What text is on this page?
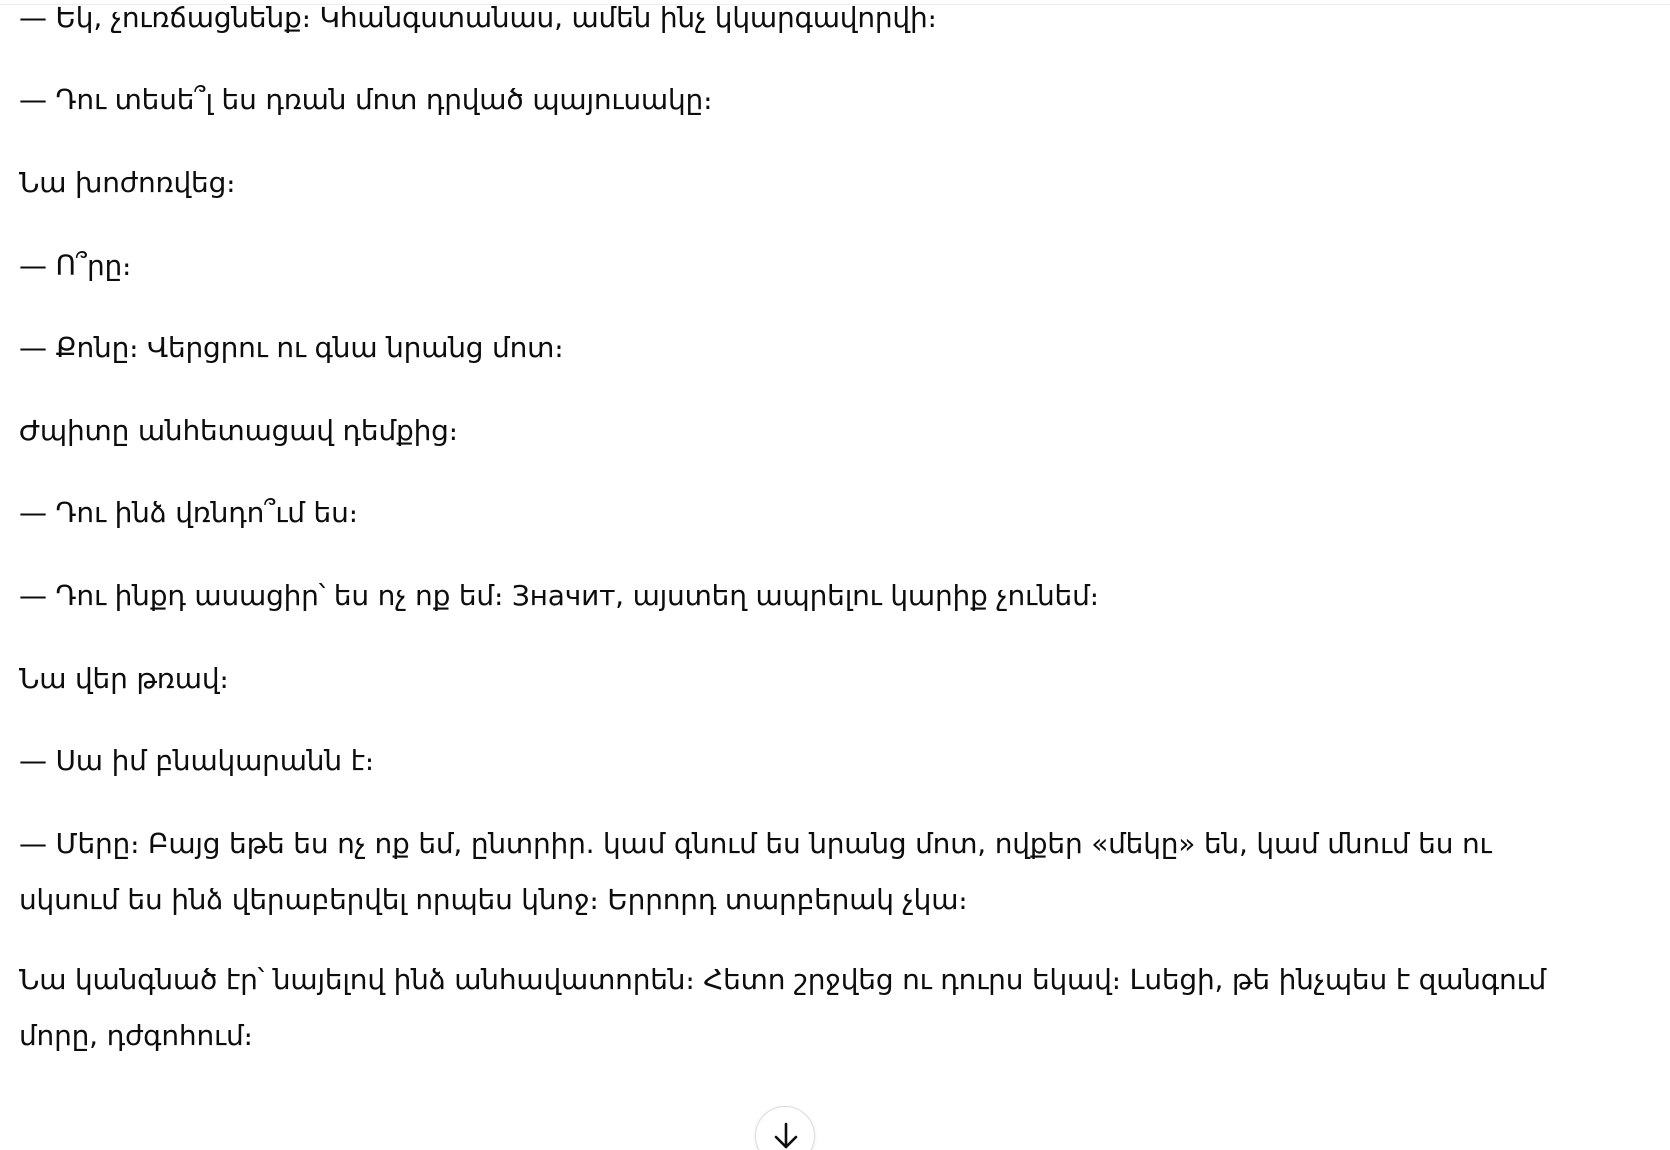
— Եկ, չուռճացնենք։ Կհանգստանաս, ամեն ինչ կկարգավորվի։

— Դու տեսե՞լ ես դռան մոտ դրված պայուսակը։

Նա խոժոռվեց։

— Ո՞րը։

— Քոնը։ Վերցրու ու գնա նրանց մոտ։

Ժպիտը անհետացավ դեմքից։

— Դու ինձ վռնդո՞ւմ ես։

— Դու ինքդ ասացիր՝ ես ոչ ոք եմ։ Значит, այստեղ ապրելու կարիք չունեմ։

Նա վեր թռավ։

— Սա իմ բնակարանն է։

— Մերը։ Բայց եթե ես ոչ ոք եմ, ընտրիր. կամ գնում ես նրանց մոտ, ովքեր «մեկը» են, կամ մնում ես ու սկսում ես ինձ վերաբերվել որպես կնոջ։ Երրորդ տարբերակ չկա։

Նա կանգնած էր՝ նայելով ինձ անհավատորեն։ Հետո շրջվեց ու դուրս եկավ։ Լսեցի, թե ինչպես է զանգում մորը, դժգոհում։
